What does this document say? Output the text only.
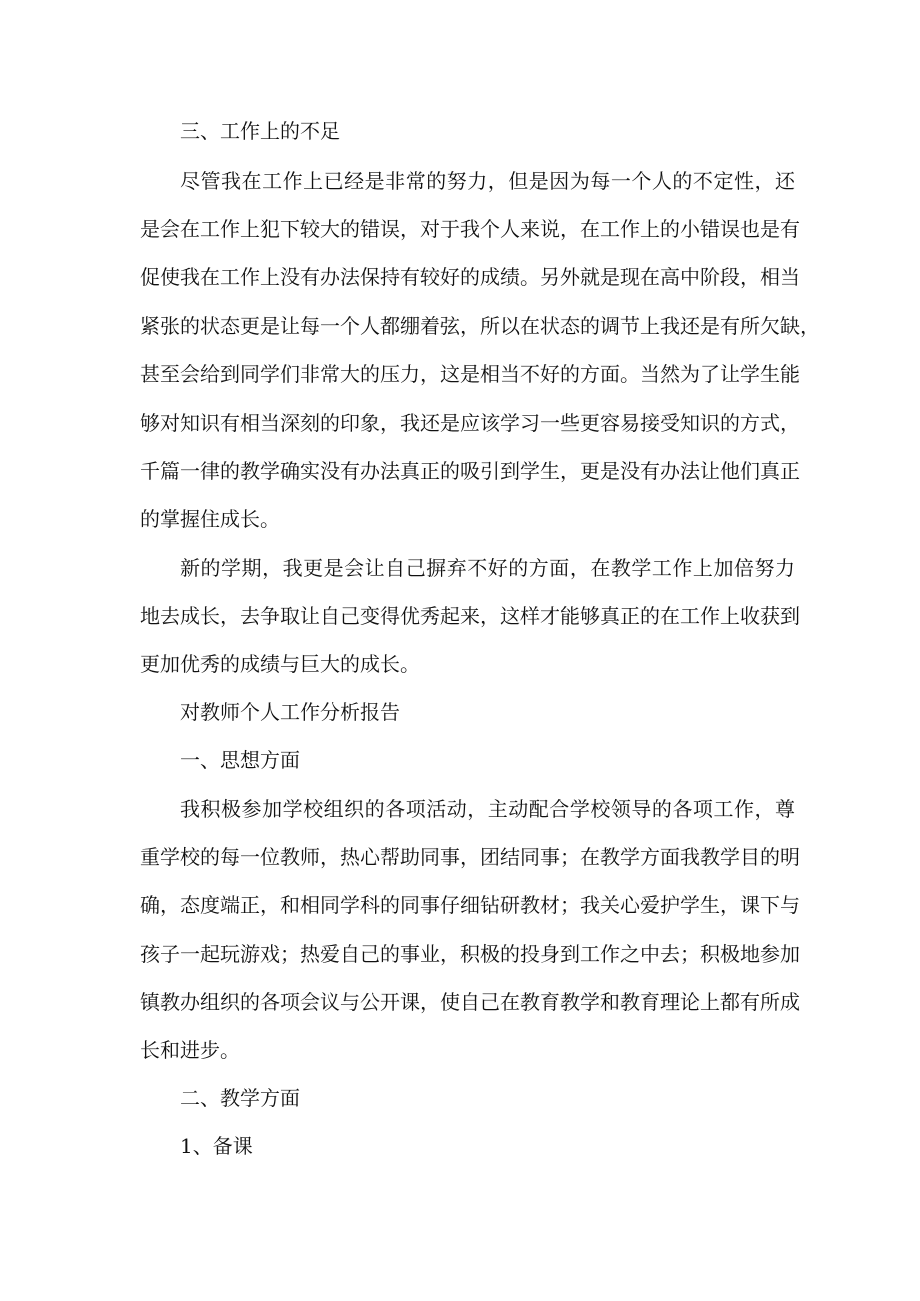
三、工作上的不足
尽管我在工作上已经是非常的努力，但是因为每一个人的不定性，还
是会在工作上犯下较大的错误，对于我个人来说，在工作上的小错误也是有
促使我在工作上没有办法保持有较好的成绩。另外就是现在高中阶段，相当
紧张的状态更是让每一个人都绷着弦，所以在状态的调节上我还是有所欠缺，
甚至会给到同学们非常大的压力，这是相当不好的方面。当然为了让学生能
够对知识有相当深刻的印象，我还是应该学习一些更容易接受知识的方式，
千篇一律的教学确实没有办法真正的吸引到学生，更是没有办法让他们真正
的掌握住成长。
新的学期，我更是会让自己摒弃不好的方面，在教学工作上加倍努力
地去成长，去争取让自己变得优秀起来，这样才能够真正的在工作上收获到
更加优秀的成绩与巨大的成长。
对教师个人工作分析报告
一、思想方面
我积极参加学校组织的各项活动，主动配合学校领导的各项工作，尊
重学校的每一位教师，热心帮助同事，团结同事；在教学方面我教学目的明
确，态度端正，和相同学科的同事仔细钻研教材；我关心爱护学生，课下与
孩子一起玩游戏；热爱自己的事业，积极的投身到工作之中去；积极地参加
镇教办组织的各项会议与公开课，使自己在教育教学和教育理论上都有所成
长和进步。
二、教学方面
1、备课
